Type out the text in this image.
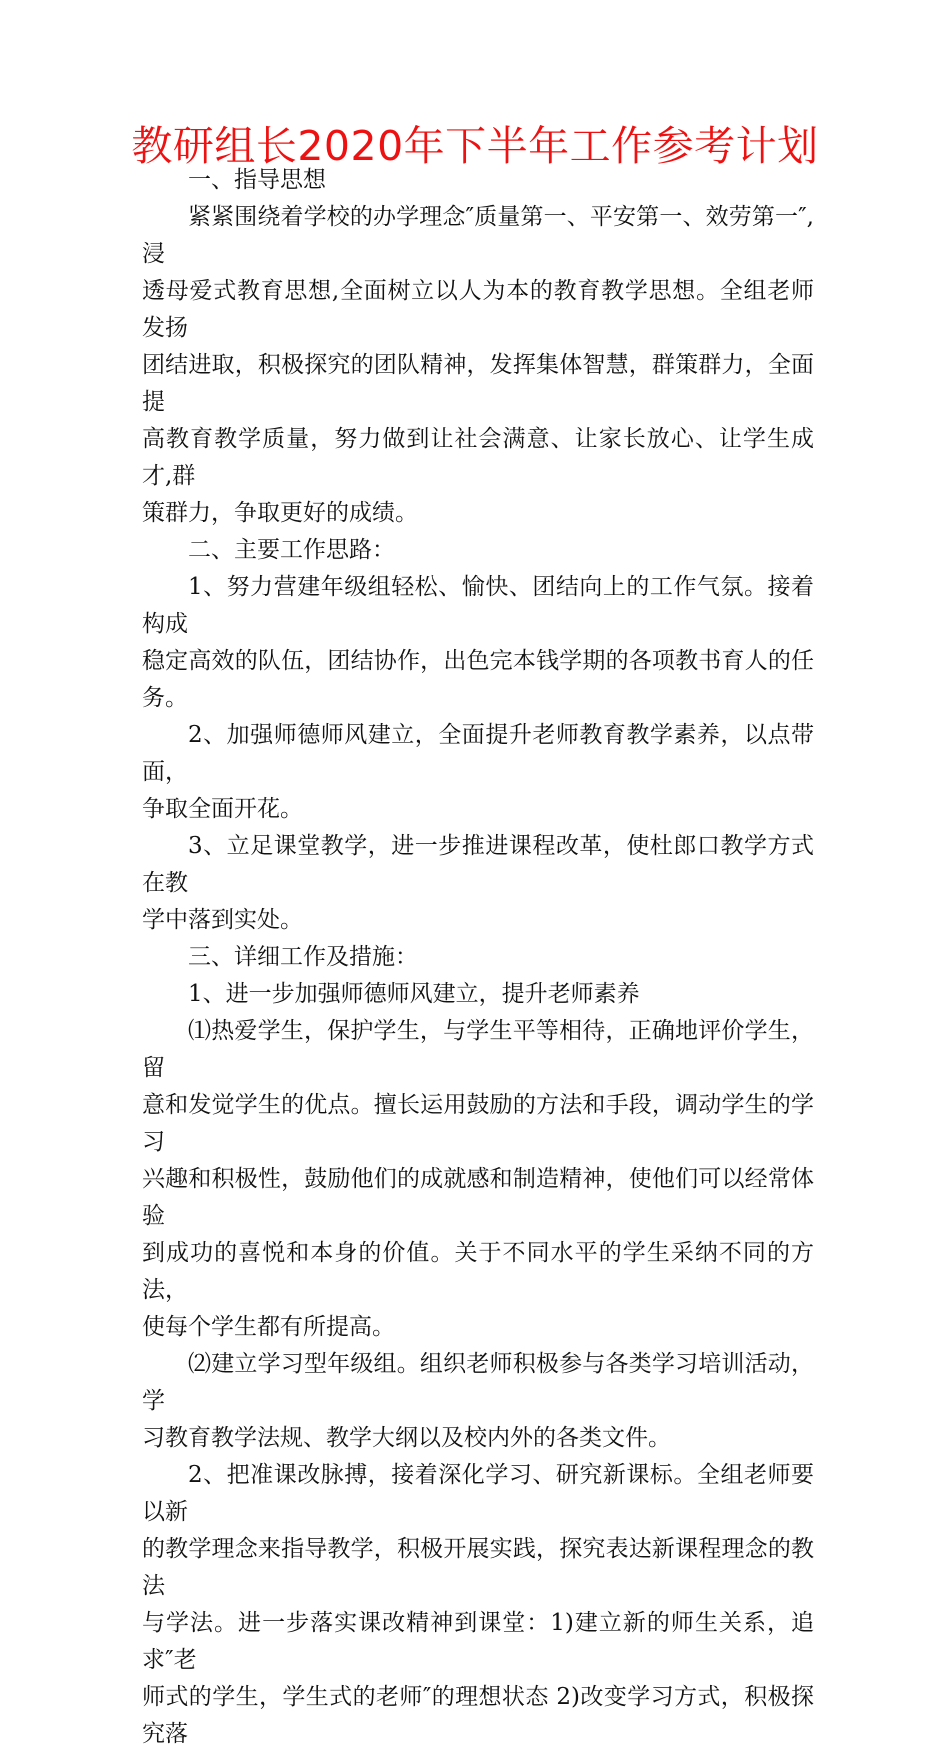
教研组长2020年下半年工作参考计划

一、指导思想

紧紧围绕着学校的办学理念″质量第一、平安第一、效劳第一″,浸
透母爱式教育思想,全面树立以人为本的教育教学思想。全组老师发扬
团结进取，积极探究的团队精神，发挥集体智慧，群策群力，全面提
高教育教学质量，努力做到让社会满意、让家长放心、让学生成才,群
策群力，争取更好的成绩。

二、主要工作思路：

1、努力营建年级组轻松、愉快、团结向上的工作气氛。接着构成
稳定高效的队伍，团结协作，出色完本钱学期的各项教书育人的任务。

2、加强师德师风建立，全面提升老师教育教学素养，以点带面，
争取全面开花。

3、立足课堂教学，进一步推进课程改革，使杜郎口教学方式在教
学中落到实处。

三、详细工作及措施：

1、进一步加强师德师风建立，提升老师素养

⑴热爱学生，保护学生，与学生平等相待，正确地评价学生，留
意和发觉学生的优点。擅长运用鼓励的方法和手段，调动学生的学习
兴趣和积极性，鼓励他们的成就感和制造精神，使他们可以经常体验
到成功的喜悦和本身的价值。关于不同水平的学生采纳不同的方法，
使每个学生都有所提高。

⑵建立学习型年级组。组织老师积极参与各类学习培训活动，学
习教育教学法规、教学大纲以及校内外的各类文件。

2、把准课改脉搏，接着深化学习、研究新课标。全组老师要以新
的教学理念来指导教学，积极开展实践，探究表达新课程理念的教法
与学法。进一步落实课改精神到课堂：1)建立新的师生关系，追求″老
师式的学生，学生式的老师″的理想状态 2)改变学习方式，积极探究落
